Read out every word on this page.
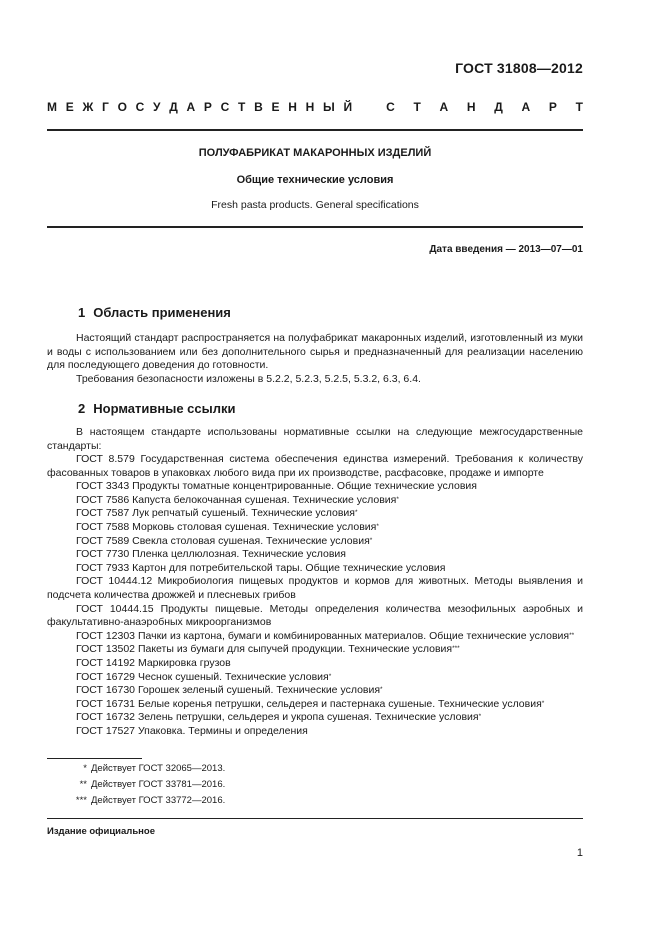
ГОСТ 31808—2012
М Е Ж Г О С У Д А Р С Т В Е Н Н Ы Й	С Т А Н Д А Р Т
ПОЛУФАБРИКАТ МАКАРОННЫХ ИЗДЕЛИЙ
Общие технические условия
Fresh pasta products. General specifications
Дата введения — 2013—07—01
1 Область применения
Настоящий стандарт распространяется на полуфабрикат макаронных изделий, изготовленный из муки и воды с использованием или без дополнительного сырья и предназначенный для реализации населению для последующего доведения до готовности.
Требования безопасности изложены в 5.2.2, 5.2.3, 5.2.5, 5.3.2, 6.3, 6.4.
2 Нормативные ссылки
В настоящем стандарте использованы нормативные ссылки на следующие межгосударственные стандарты:
ГОСТ 8.579 Государственная система обеспечения единства измерений. Требования к количеству фасованных товаров в упаковках любого вида при их производстве, расфасовке, продаже и импорте
ГОСТ 3343 Продукты томатные концентрированные. Общие технические условия
ГОСТ 7586 Капуста белокочанная сушеная. Технические условия*
ГОСТ 7587 Лук репчатый сушеный. Технические условия*
ГОСТ 7588 Морковь столовая сушеная. Технические условия*
ГОСТ 7589 Свекла столовая сушеная. Технические условия*
ГОСТ 7730 Пленка целлюлозная. Технические условия
ГОСТ 7933 Картон для потребительской тары. Общие технические условия
ГОСТ 10444.12 Микробиология пищевых продуктов и кормов для животных. Методы выявления и подсчета количества дрожжей и плесневых грибов
ГОСТ 10444.15 Продукты пищевые. Методы определения количества мезофильных аэробных и факультативно-анаэробных микроорганизмов
ГОСТ 12303 Пачки из картона, бумаги и комбинированных материалов. Общие технические условия**
ГОСТ 13502 Пакеты из бумаги для сыпучей продукции. Технические условия***
ГОСТ 14192 Маркировка грузов
ГОСТ 16729 Чеснок сушеный. Технические условия*
ГОСТ 16730 Горошек зеленый сушеный. Технические условия*
ГОСТ 16731 Белые коренья петрушки, сельдерея и пастернака сушеные. Технические условия*
ГОСТ 16732 Зелень петрушки, сельдерея и укропа сушеная. Технические условия*
ГОСТ 17527 Упаковка. Термины и определения
* Действует ГОСТ 32065—2013.
** Действует ГОСТ 33781—2016.
*** Действует ГОСТ 33772—2016.
Издание официальное
1
